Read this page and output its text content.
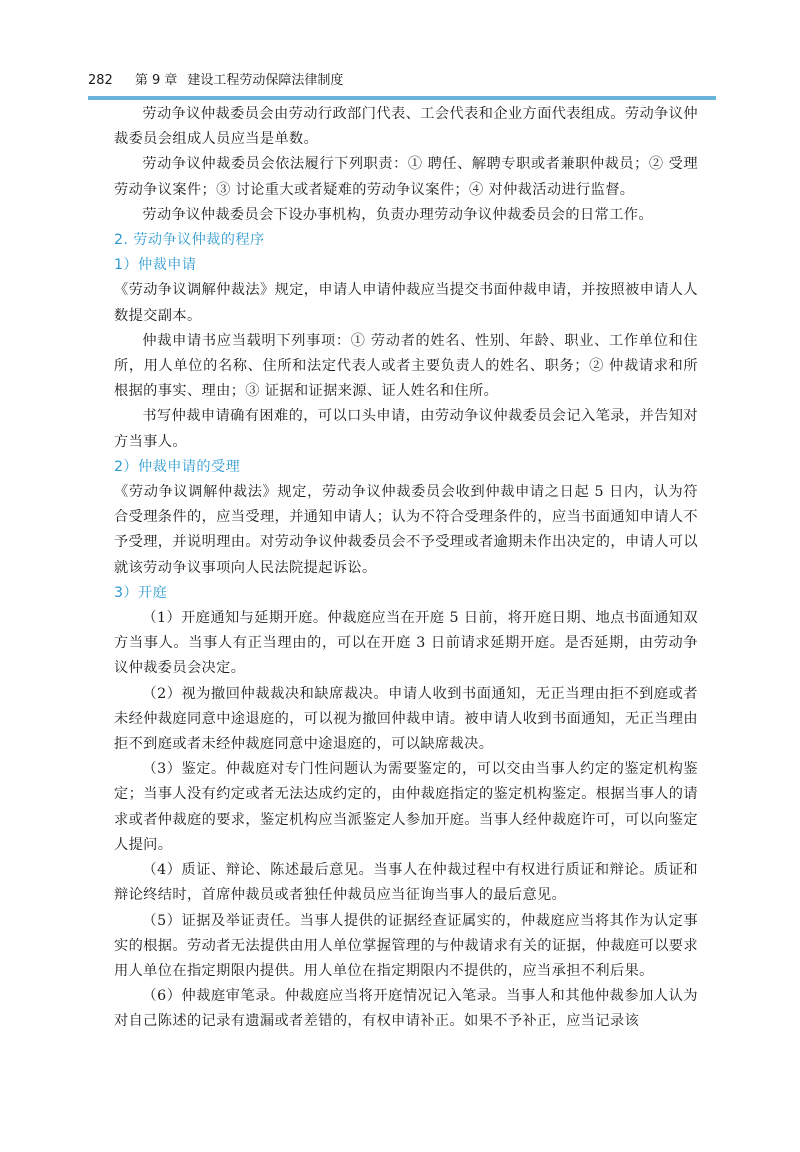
282 第 9 章 建设工程劳动保障法律制度

劳动争议仲裁委员会由劳动行政部门代表、工会代表和企业方面代表组成。劳动争议仲裁委员会组成人员应当是单数。

劳动争议仲裁委员会依法履行下列职责：① 聘任、解聘专职或者兼职仲裁员；② 受理劳动争议案件；③ 讨论重大或者疑难的劳动争议案件；④ 对仲裁活动进行监督。

劳动争议仲裁委员会下设办事机构，负责办理劳动争议仲裁委员会的日常工作。

2. 劳动争议仲裁的程序
1）仲裁申请

《劳动争议调解仲裁法》规定，申请人申请仲裁应当提交书面仲裁申请，并按照被申请人人数提交副本。

仲裁申请书应当载明下列事项：① 劳动者的姓名、性别、年龄、职业、工作单位和住所，用人单位的名称、住所和法定代表人或者主要负责人的姓名、职务；② 仲裁请求和所根据的事实、理由；③ 证据和证据来源、证人姓名和住所。

书写仲裁申请确有困难的，可以口头申请，由劳动争议仲裁委员会记入笔录，并告知对方当事人。

2）仲裁申请的受理

《劳动争议调解仲裁法》规定，劳动争议仲裁委员会收到仲裁申请之日起 5 日内，认为符合受理条件的，应当受理，并通知申请人；认为不符合受理条件的，应当书面通知申请人不予受理，并说明理由。对劳动争议仲裁委员会不予受理或者逾期未作出决定的，申请人可以就该劳动争议事项向人民法院提起诉讼。

3）开庭

（1）开庭通知与延期开庭。仲裁庭应当在开庭 5 日前，将开庭日期、地点书面通知双方当事人。当事人有正当理由的，可以在开庭 3 日前请求延期开庭。是否延期，由劳动争议仲裁委员会决定。

（2）视为撤回仲裁裁决和缺席裁决。申请人收到书面通知，无正当理由拒不到庭或者未经仲裁庭同意中途退庭的，可以视为撤回仲裁申请。被申请人收到书面通知，无正当理由拒不到庭或者未经仲裁庭同意中途退庭的，可以缺席裁决。

（3）鉴定。仲裁庭对专门性问题认为需要鉴定的，可以交由当事人约定的鉴定机构鉴定；当事人没有约定或者无法达成约定的，由仲裁庭指定的鉴定机构鉴定。根据当事人的请求或者仲裁庭的要求，鉴定机构应当派鉴定人参加开庭。当事人经仲裁庭许可，可以向鉴定人提问。

（4）质证、辩论、陈述最后意见。当事人在仲裁过程中有权进行质证和辩论。质证和辩论终结时，首席仲裁员或者独任仲裁员应当征询当事人的最后意见。

（5）证据及举证责任。当事人提供的证据经查证属实的，仲裁庭应当将其作为认定事实的根据。劳动者无法提供由用人单位掌握管理的与仲裁请求有关的证据，仲裁庭可以要求用人单位在指定期限内提供。用人单位在指定期限内不提供的，应当承担不利后果。

（6）仲裁庭审笔录。仲裁庭应当将开庭情况记入笔录。当事人和其他仲裁参加人认为对自己陈述的记录有遗漏或者差错的，有权申请补正。如果不予补正，应当记录该
